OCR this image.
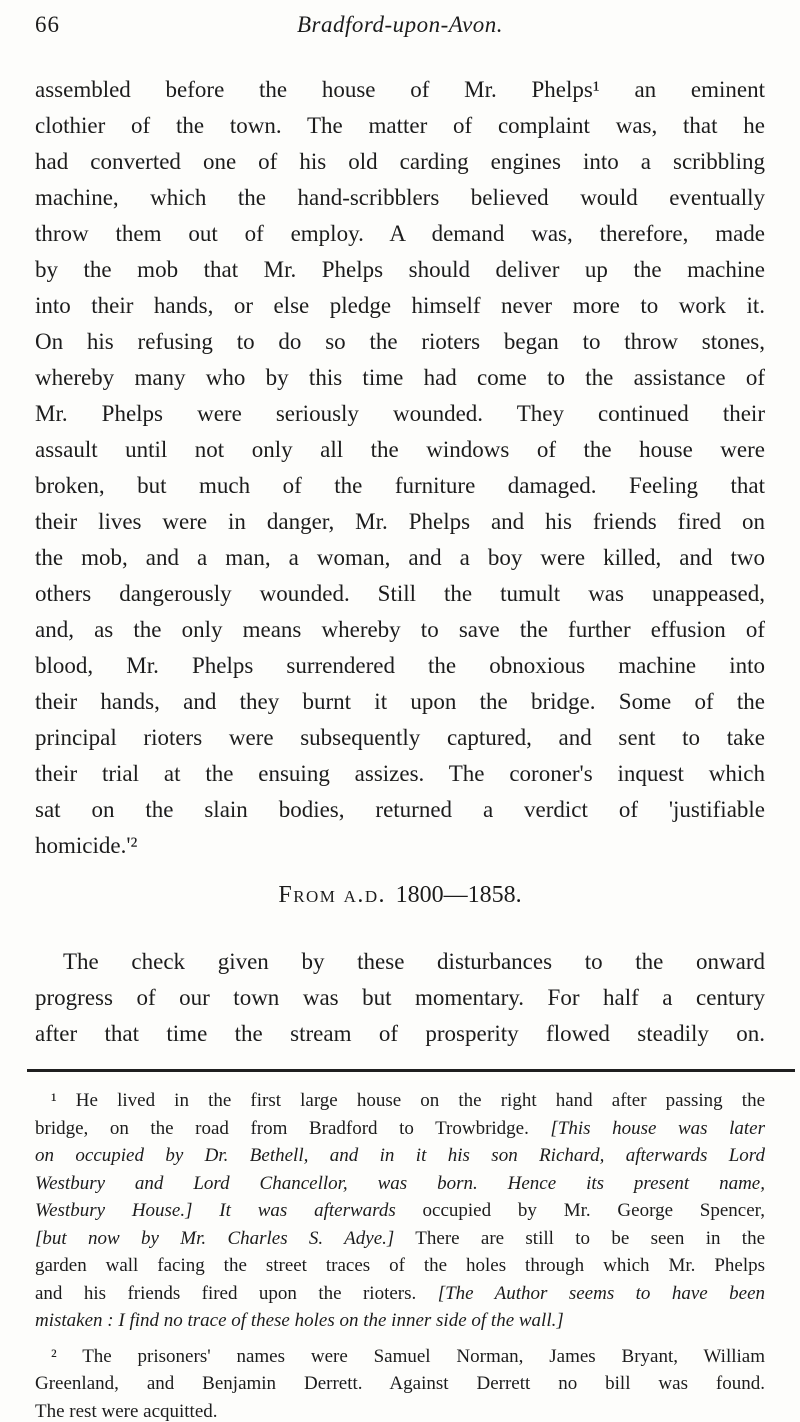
66	Bradford-upon-Avon.
assembled before the house of Mr. Phelps¹ an eminent
clothier of the town. The matter of complaint was, that he
had converted one of his old carding engines into a scribbling
machine, which the hand-scribblers believed would eventually
throw them out of employ. A demand was, therefore, made
by the mob that Mr. Phelps should deliver up the machine
into their hands, or else pledge himself never more to work it.
On his refusing to do so the rioters began to throw stones,
whereby many who by this time had come to the assistance of
Mr. Phelps were seriously wounded. They continued their
assault until not only all the windows of the house were
broken, but much of the furniture damaged. Feeling that
their lives were in danger, Mr. Phelps and his friends fired on
the mob, and a man, a woman, and a boy were killed, and two
others dangerously wounded. Still the tumult was unappeased,
and, as the only means whereby to save the further effusion of
blood, Mr. Phelps surrendered the obnoxious machine into
their hands, and they burnt it upon the bridge. Some of the
principal rioters were subsequently captured, and sent to take
their trial at the ensuing assizes. The coroner's inquest which
sat on the slain bodies, returned a verdict of 'justifiable
homicide.'²
From a.d. 1800—1858.
The check given by these disturbances to the onward
progress of our town was but momentary. For half a century
after that time the stream of prosperity flowed steadily on.
¹ He lived in the first large house on the right hand after passing the
bridge, on the road from Bradford to Trowbridge. [This house was later
on occupied by Dr. Bethell, and in it his son Richard, afterwards Lord
Westbury and Lord Chancellor, was born. Hence its present name,
Westbury House.] It was afterwards occupied by Mr. George Spencer,
[but now by Mr. Charles S. Adye.] There are still to be seen in the
garden wall facing the street traces of the holes through which Mr. Phelps
and his friends fired upon the rioters. [The Author seems to have been
mistaken : I find no trace of these holes on the inner side of the wall.]
² The prisoners' names were Samuel Norman, James Bryant, William
Greenland, and Benjamin Derrett. Against Derrett no bill was found.
The rest were acquitted.
